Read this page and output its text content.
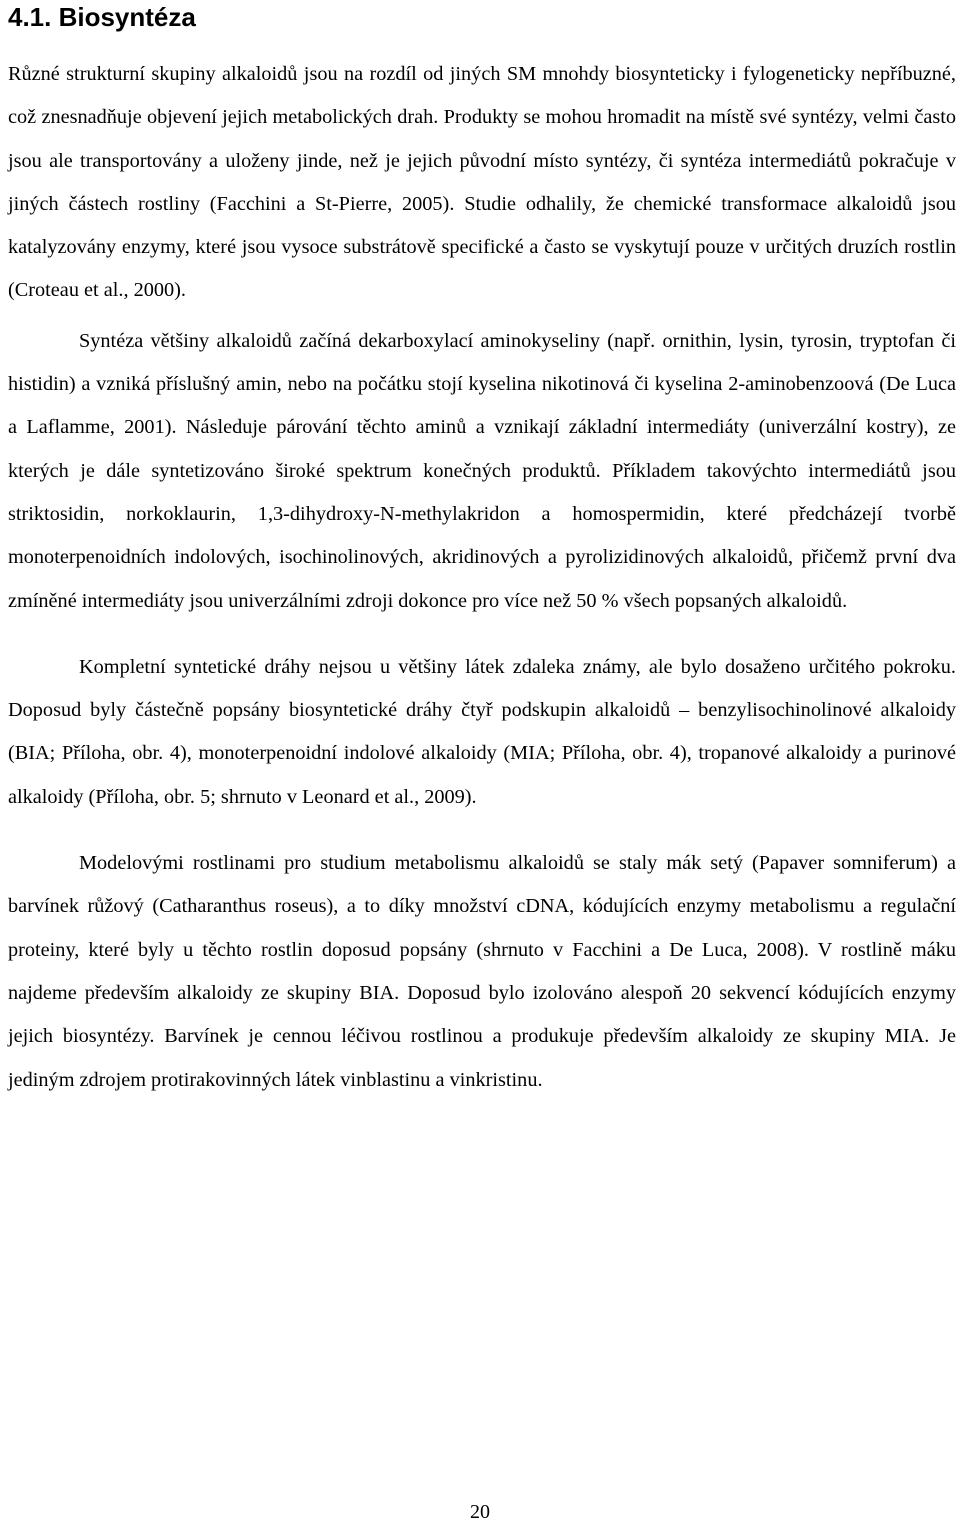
4.1. Biosyntéza

Různé strukturní skupiny alkaloidů jsou na rozdíl od jiných SM mnohdy biosynteticky i fylogeneticky nepříbuzné, což znesnadňuje objevení jejich metabolických drah. Produkty se mohou hromadit na místě své syntézy, velmi často jsou ale transportovány a uloženy jinde, než je jejich původní místo syntézy, či syntéza intermediátů pokračuje v jiných částech rostliny (Facchini a St-Pierre, 2005). Studie odhalily, že chemické transformace alkaloidů jsou katalyzovány enzymy, které jsou vysoce substrátově specifické a často se vyskytují pouze v určitých druzích rostlin (Croteau et al., 2000).

Syntéza většiny alkaloidů začíná dekarboxylací aminokyseliny (např. ornithin, lysin, tyrosin, tryptofan či histidin) a vzniká příslušný amin, nebo na počátku stojí kyselina nikotinová či kyselina 2-aminobenzoová (De Luca a Laflamme, 2001). Následuje párování těchto aminů a vznikají základní intermediáty (univerzální kostry), ze kterých je dále syntetizováno široké spektrum konečných produktů. Příkladem takovýchto intermediátů jsou striktosidin, norkoklaurin, 1,3-dihydroxy-N-methylakridon a homospermidin, které předcházejí tvorbě monoterpenoidních indolových, isochinolinových, akridinových a pyrolizidinových alkaloidů, přičemž první dva zmíněné intermediáty jsou univerzálními zdroji dokonce pro více než 50 % všech popsaných alkaloidů.

Kompletní syntetické dráhy nejsou u většiny látek zdaleka známy, ale bylo dosaženo určitého pokroku. Doposud byly částečně popsány biosyntetické dráhy čtyř podskupin alkaloidů – benzylisochinolinové alkaloidy (BIA; Příloha, obr. 4), monoterpenoidní indolové alkaloidy (MIA; Příloha, obr. 4), tropanové alkaloidy a purinové alkaloidy (Příloha, obr. 5; shrnuto v Leonard et al., 2009).

Modelovými rostlinami pro studium metabolismu alkaloidů se staly mák setý (Papaver somniferum) a barvínek růžový (Catharanthus roseus), a to díky množství cDNA, kódujících enzymy metabolismu a regulační proteiny, které byly u těchto rostlin doposud popsány (shrnuto v Facchini a De Luca, 2008). V rostlině máku najdeme především alkaloidy ze skupiny BIA. Doposud bylo izolováno alespoň 20 sekvencí kódujících enzymy jejich biosyntézy. Barvínek je cennou léčivou rostlinou a produkuje především alkaloidy ze skupiny MIA. Je jediným zdrojem protirakovinných látek vinblastinu a vinkristinu.

20
